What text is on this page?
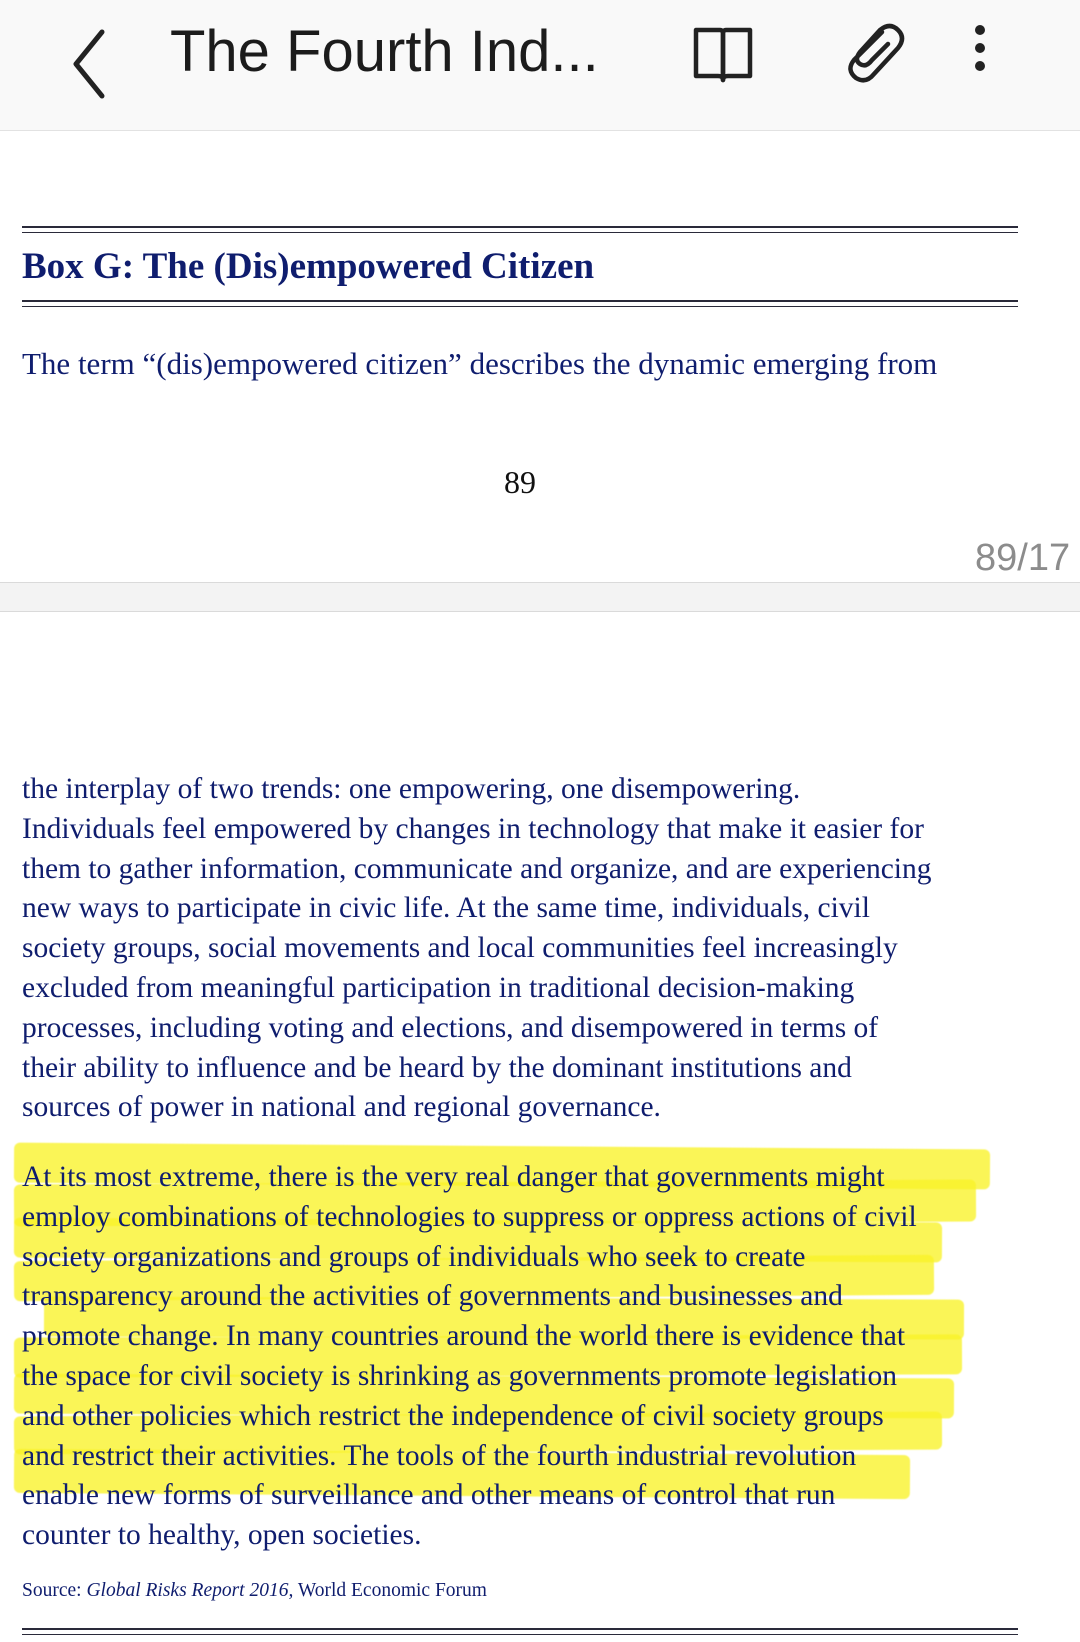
The Fourth Ind...
Box G: The (Dis)empowered Citizen
The term “(dis)empowered citizen” describes the dynamic emerging from
89
89/17
the interplay of two trends: one empowering, one disempowering.
Individuals feel empowered by changes in technology that make it easier for
them to gather information, communicate and organize, and are experiencing
new ways to participate in civic life. At the same time, individuals, civil
society groups, social movements and local communities feel increasingly
excluded from meaningful participation in traditional decision-making
processes, including voting and elections, and disempowered in terms of
their ability to influence and be heard by the dominant institutions and
sources of power in national and regional governance.
At its most extreme, there is the very real danger that governments might
employ combinations of technologies to suppress or oppress actions of civil
society organizations and groups of individuals who seek to create
transparency around the activities of governments and businesses and
promote change. In many countries around the world there is evidence that
the space for civil society is shrinking as governments promote legislation
and other policies which restrict the independence of civil society groups
and restrict their activities. The tools of the fourth industrial revolution
enable new forms of surveillance and other means of control that run
counter to healthy, open societies.
Source: Global Risks Report 2016, World Economic Forum
